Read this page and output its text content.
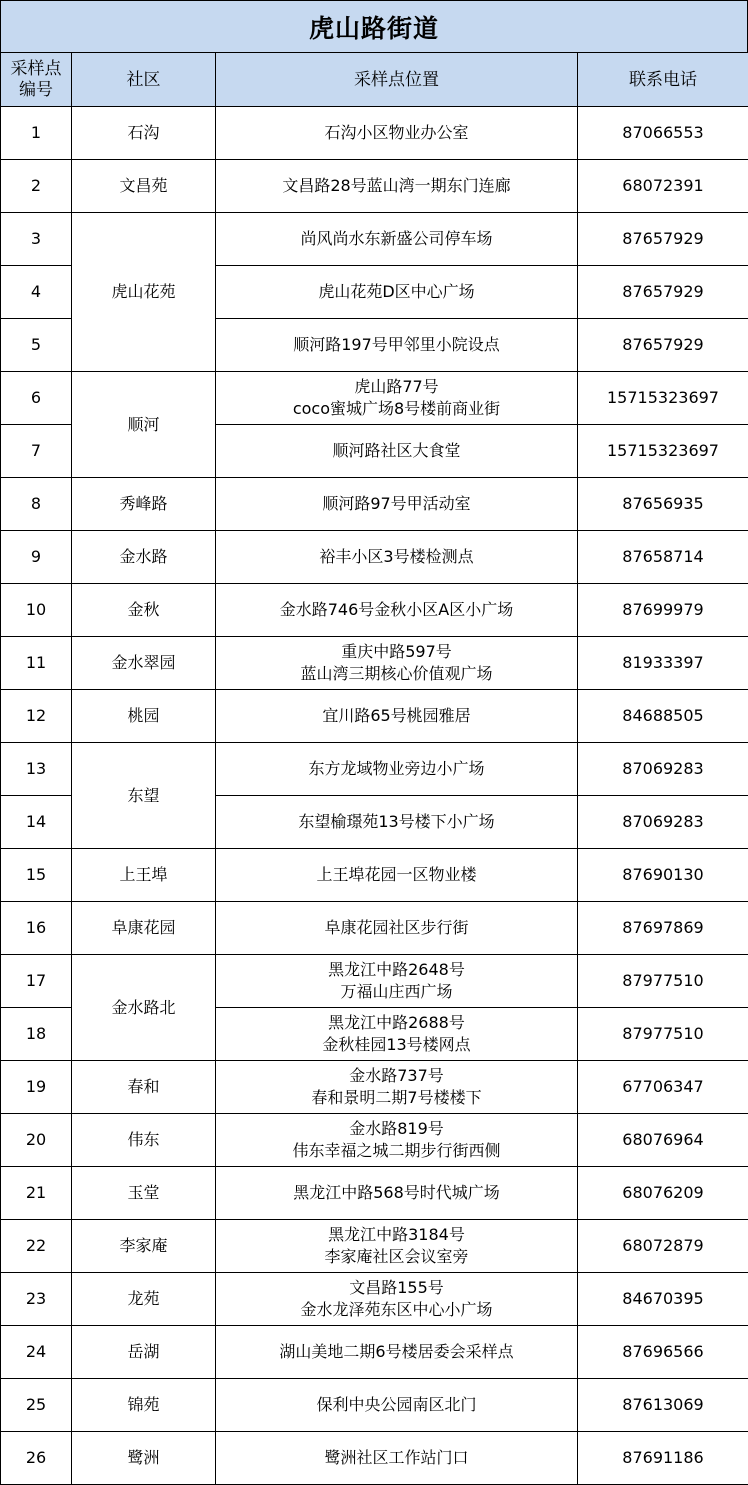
虎山路街道
采样点
编号	社区	采样点位置	联系电话
1	石沟	石沟小区物业办公室	87066553
2	文昌苑	文昌路28号蓝山湾一期东门连廊	68072391
3	虎山花苑	尚风尚水东新盛公司停车场	87657929
4		虎山花苑D区中心广场	87657929
5		顺河路197号甲邻里小院设点	87657929
6	顺河	虎山路77号
coco蜜城广场8号楼前商业街	15715323697
7		顺河路社区大食堂	15715323697
8	秀峰路	顺河路97号甲活动室	87656935
9	金水路	裕丰小区3号楼检测点	87658714
10	金秋	金水路746号金秋小区A区小广场	87699979
11	金水翠园	重庆中路597号
蓝山湾三期核心价值观广场	81933397
12	桃园	宜川路65号桃园雅居	84688505
13	东望	东方龙域物业旁边小广场	87069283
14		东望榆璟苑13号楼下小广场	87069283
15	上王埠	上王埠花园一区物业楼	87690130
16	阜康花园	阜康花园社区步行街	87697869
17	金水路北	黑龙江中路2648号
万福山庄西广场	87977510
18		黑龙江中路2688号
金秋桂园13号楼网点	87977510
19	春和	金水路737号
春和景明二期7号楼楼下	67706347
20	伟东	金水路819号
伟东幸福之城二期步行街西侧	68076964
21	玉堂	黑龙江中路568号时代城广场	68076209
22	李家庵	黑龙江中路3184号
李家庵社区会议室旁	68072879
23	龙苑	文昌路155号
金水龙泽苑东区中心小广场	84670395
24	岳湖	湖山美地二期6号楼居委会采样点	87696566
25	锦苑	保利中央公园南区北门	87613069
26	鹭洲	鹭洲社区工作站门口	87691186
